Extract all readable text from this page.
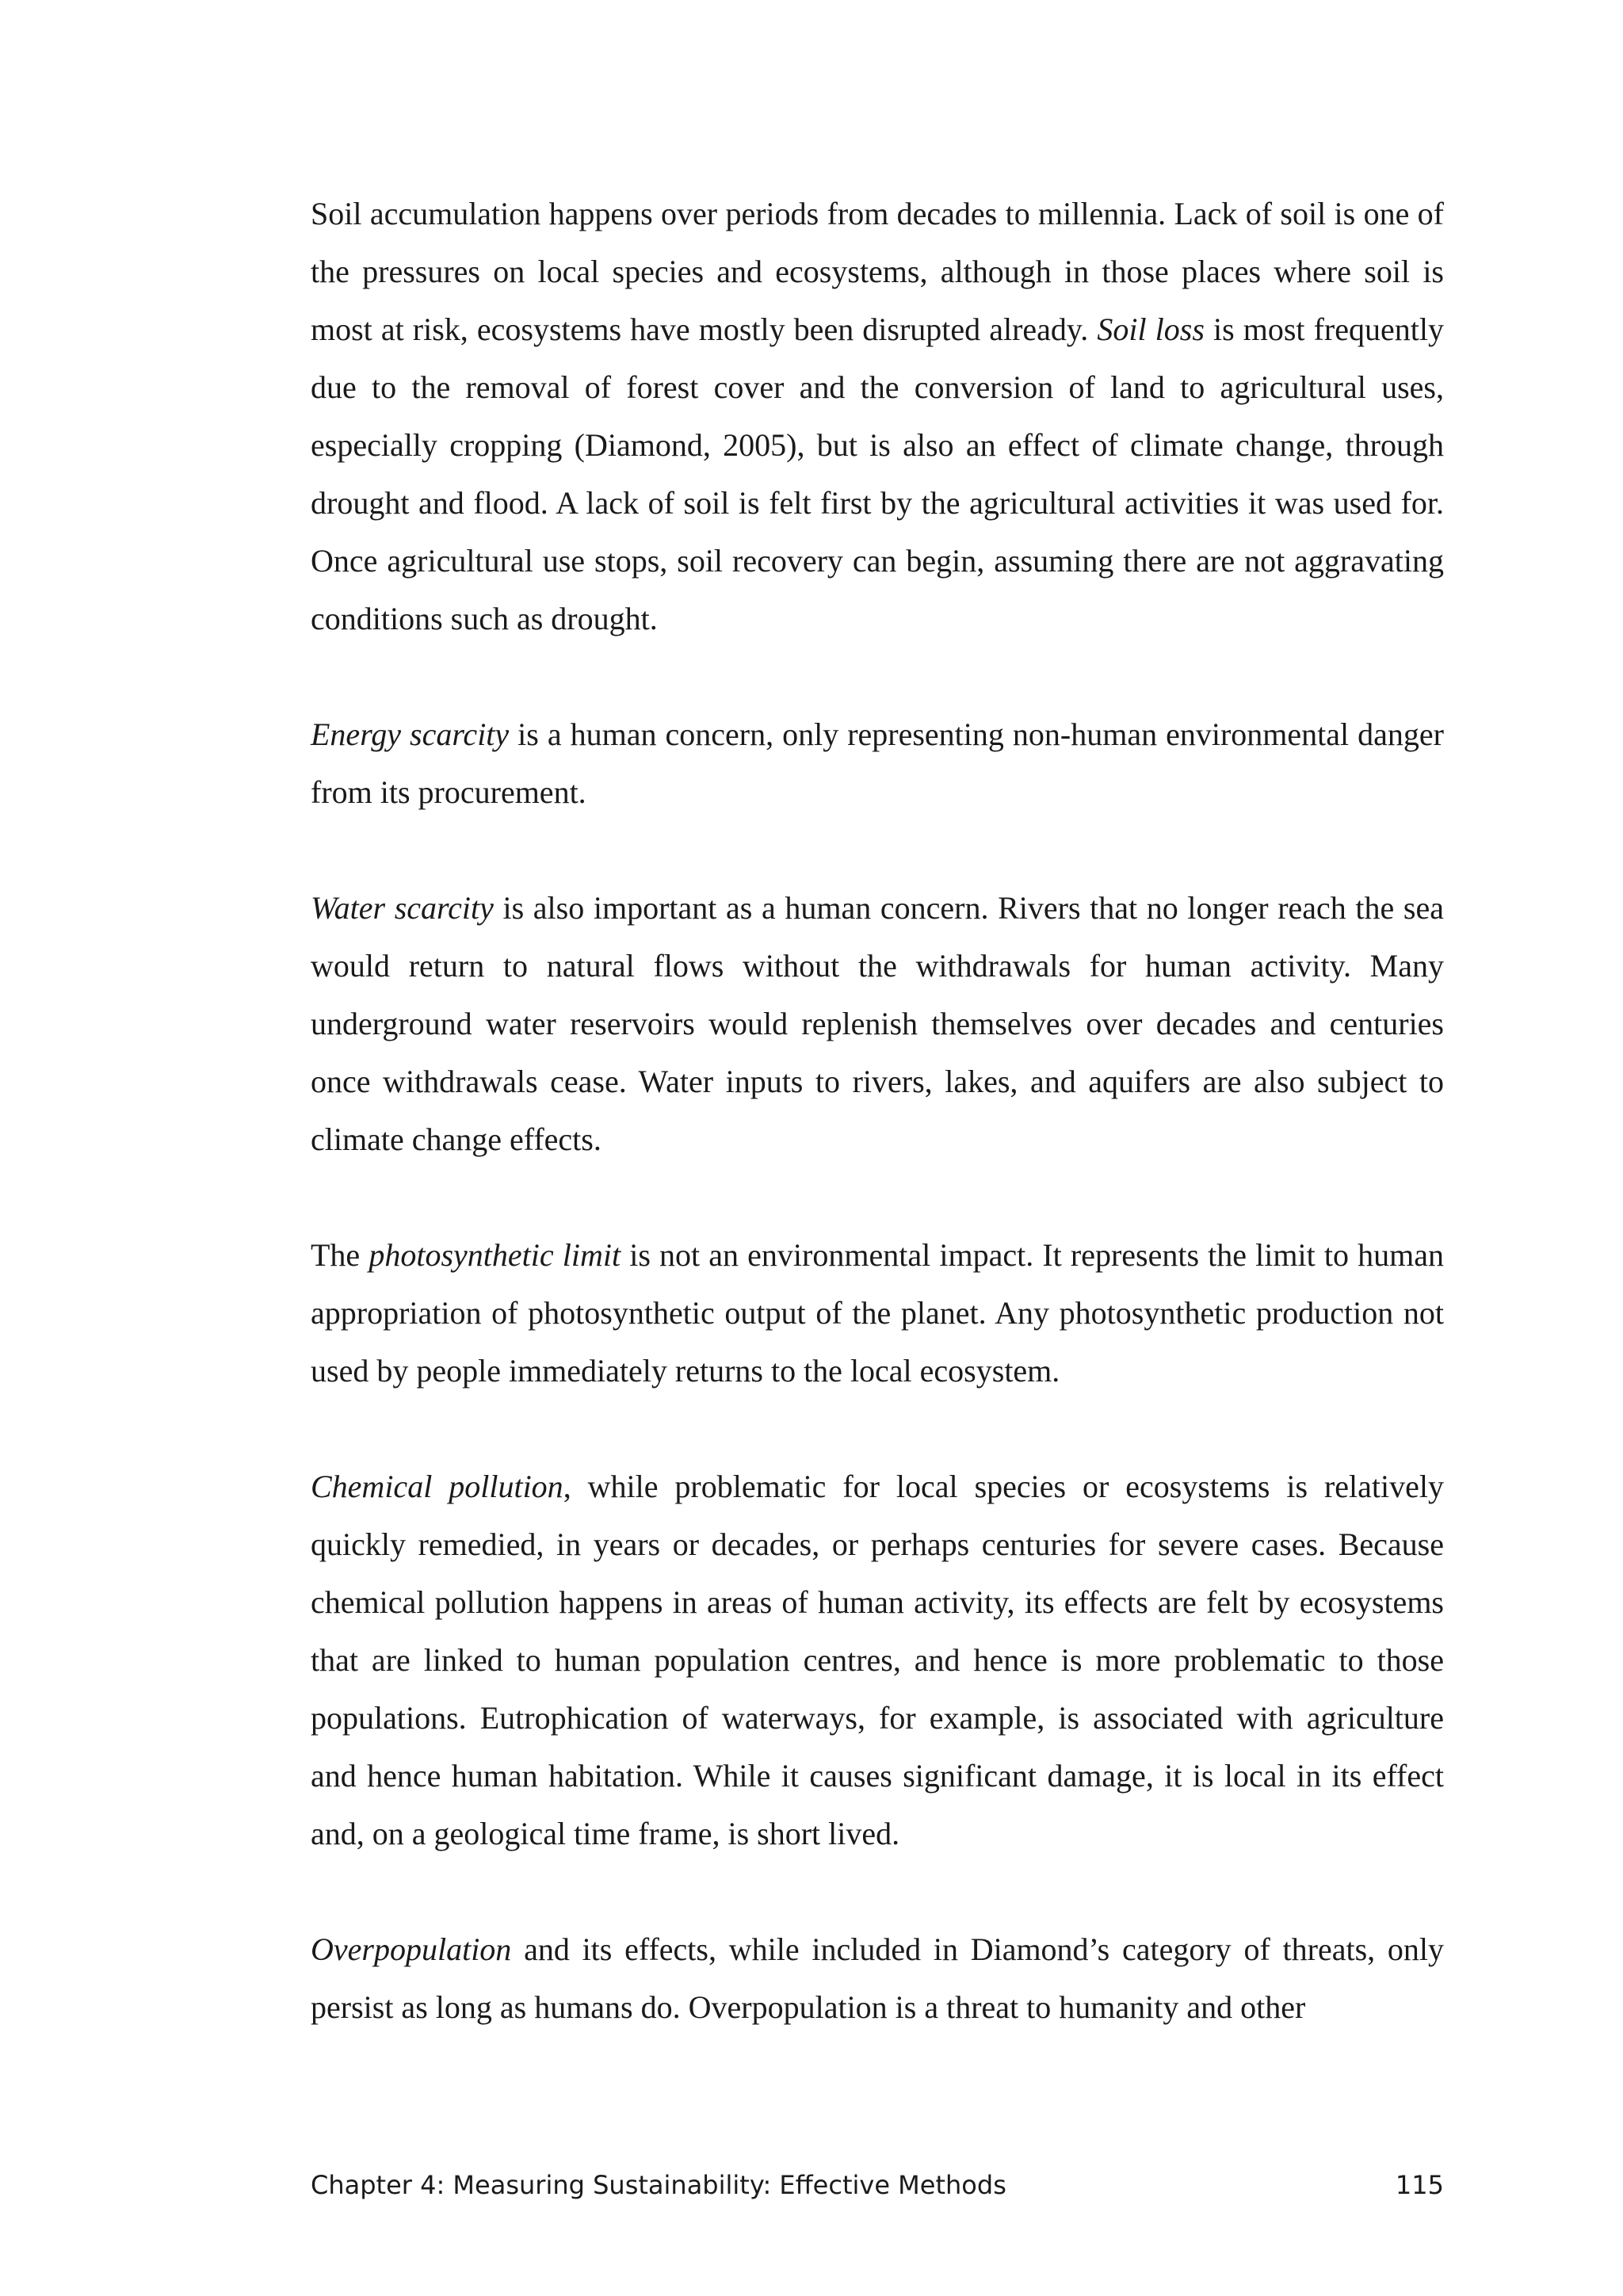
Soil accumulation happens over periods from decades to millennia. Lack of soil is one of the pressures on local species and ecosystems, although in those places where soil is most at risk, ecosystems have mostly been disrupted already. Soil loss is most frequently due to the removal of forest cover and the conversion of land to agricultural uses, especially cropping (Diamond, 2005), but is also an effect of climate change, through drought and flood. A lack of soil is felt first by the agricultural activities it was used for. Once agricultural use stops, soil recovery can begin, assuming there are not aggravating conditions such as drought.

Energy scarcity is a human concern, only representing non-human environmental danger from its procurement.

Water scarcity is also important as a human concern. Rivers that no longer reach the sea would return to natural flows without the withdrawals for human activity. Many underground water reservoirs would replenish themselves over decades and centuries once withdrawals cease. Water inputs to rivers, lakes, and aquifers are also subject to climate change effects.

The photosynthetic limit is not an environmental impact. It represents the limit to human appropriation of photosynthetic output of the planet. Any photosynthetic production not used by people immediately returns to the local ecosystem.

Chemical pollution, while problematic for local species or ecosystems is relatively quickly remedied, in years or decades, or perhaps centuries for severe cases. Because chemical pollution happens in areas of human activity, its effects are felt by ecosystems that are linked to human population centres, and hence is more problematic to those populations. Eutrophication of waterways, for example, is associated with agriculture and hence human habitation. While it causes significant damage, it is local in its effect and, on a geological time frame, is short lived.

Overpopulation and its effects, while included in Diamond’s category of threats, only persist as long as humans do. Overpopulation is a threat to humanity and other

Chapter 4: Measuring Sustainability: Effective Methods	115
